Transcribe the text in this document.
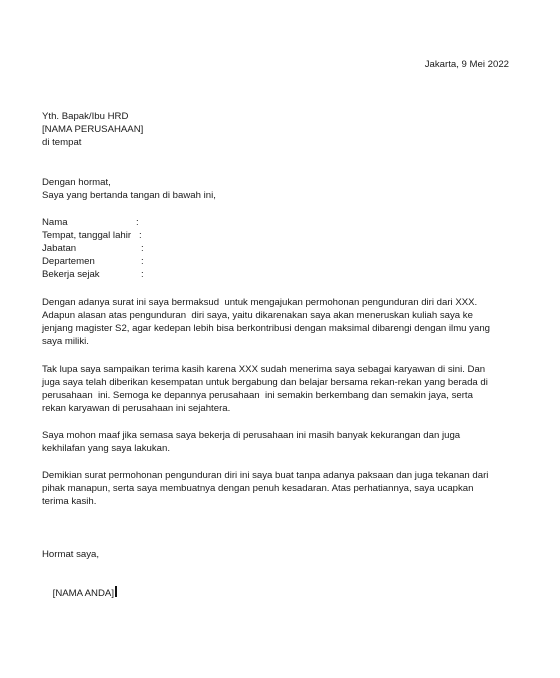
Jakarta, 9 Mei 2022
Yth. Bapak/Ibu HRD
[NAMA PERUSAHAAN]
di tempat
Dengan hormat,
Saya yang bertanda tangan di bawah ini,
Nama	:
Tempat, tanggal lahir :
Jabatan	:
Departemen	:
Bekerja sejak	:
Dengan adanya surat ini saya bermaksud  untuk mengajukan permohonan pengunduran diri dari XXX.
Adapun alasan atas pengunduran  diri saya, yaitu dikarenakan saya akan meneruskan kuliah saya ke
jenjang magister S2, agar kedepan lebih bisa berkontribusi dengan maksimal dibarengi dengan ilmu yang
saya miliki.
Tak lupa saya sampaikan terima kasih karena XXX sudah menerima saya sebagai karyawan di sini. Dan
juga saya telah diberikan kesempatan untuk bergabung dan belajar bersama rekan-rekan yang berada di
perusahaan  ini. Semoga ke depannya perusahaan  ini semakin berkembang dan semakin jaya, serta
rekan karyawan di perusahaan ini sejahtera.
Saya mohon maaf jika semasa saya bekerja di perusahaan ini masih banyak kekurangan dan juga
kekhilafan yang saya lakukan.
Demikian surat permohonan pengunduran diri ini saya buat tanpa adanya paksaan dan juga tekanan dari
pihak manapun, serta saya membuatnya dengan penuh kesadaran. Atas perhatiannya, saya ucapkan
terima kasih.
Hormat saya,

[NAMA ANDA]
